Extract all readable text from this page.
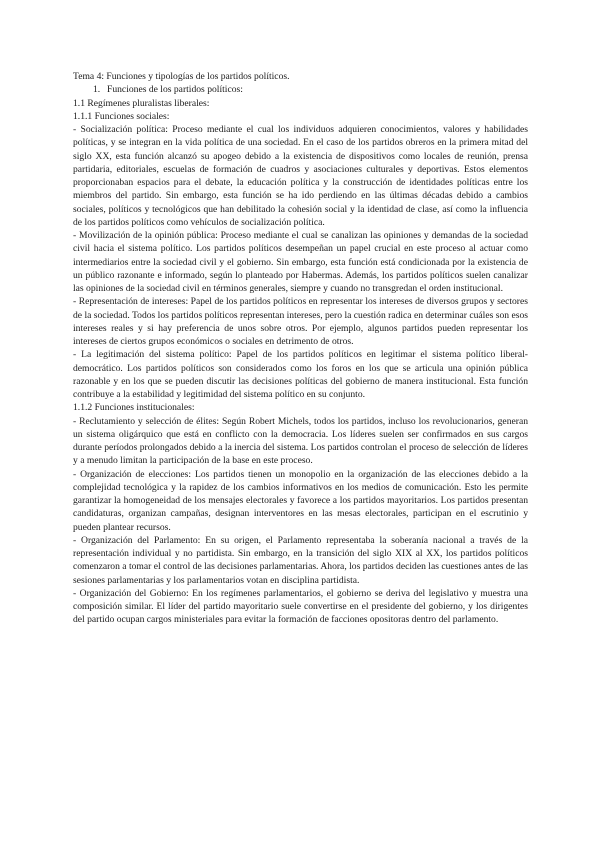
Tema 4: Funciones y tipologías de los partidos políticos.

1. Funciones de los partidos políticos:

1.1 Regímenes pluralistas liberales:

1.1.1 Funciones sociales:

- Socialización política: Proceso mediante el cual los individuos adquieren conocimientos, valores y habilidades políticas, y se integran en la vida política de una sociedad. En el caso de los partidos obreros en la primera mitad del siglo XX, esta función alcanzó su apogeo debido a la existencia de dispositivos como locales de reunión, prensa partidaria, editoriales, escuelas de formación de cuadros y asociaciones culturales y deportivas. Estos elementos proporcionaban espacios para el debate, la educación política y la construcción de identidades políticas entre los miembros del partido. Sin embargo, esta función se ha ido perdiendo en las últimas décadas debido a cambios sociales, políticos y tecnológicos que han debilitado la cohesión social y la identidad de clase, así como la influencia de los partidos políticos como vehículos de socialización política.

- Movilización de la opinión pública: Proceso mediante el cual se canalizan las opiniones y demandas de la sociedad civil hacia el sistema político. Los partidos políticos desempeñan un papel crucial en este proceso al actuar como intermediarios entre la sociedad civil y el gobierno. Sin embargo, esta función está condicionada por la existencia de un público razonante e informado, según lo planteado por Habermas. Además, los partidos políticos suelen canalizar las opiniones de la sociedad civil en términos generales, siempre y cuando no transgredan el orden institucional.

- Representación de intereses: Papel de los partidos políticos en representar los intereses de diversos grupos y sectores de la sociedad. Todos los partidos políticos representan intereses, pero la cuestión radica en determinar cuáles son esos intereses reales y si hay preferencia de unos sobre otros. Por ejemplo, algunos partidos pueden representar los intereses de ciertos grupos económicos o sociales en detrimento de otros.

- La legitimación del sistema político: Papel de los partidos políticos en legitimar el sistema político liberal-democrático. Los partidos políticos son considerados como los foros en los que se articula una opinión pública razonable y en los que se pueden discutir las decisiones políticas del gobierno de manera institucional. Esta función contribuye a la estabilidad y legitimidad del sistema político en su conjunto.

1.1.2 Funciones institucionales:

- Reclutamiento y selección de élites: Según Robert Michels, todos los partidos, incluso los revolucionarios, generan un sistema oligárquico que está en conflicto con la democracia. Los líderes suelen ser confirmados en sus cargos durante períodos prolongados debido a la inercia del sistema. Los partidos controlan el proceso de selección de líderes y a menudo limitan la participación de la base en este proceso.

- Organización de elecciones: Los partidos tienen un monopolio en la organización de las elecciones debido a la complejidad tecnológica y la rapidez de los cambios informativos en los medios de comunicación. Esto les permite garantizar la homogeneidad de los mensajes electorales y favorece a los partidos mayoritarios. Los partidos presentan candidaturas, organizan campañas, designan interventores en las mesas electorales, participan en el escrutinio y pueden plantear recursos.

- Organización del Parlamento: En su origen, el Parlamento representaba la soberanía nacional a través de la representación individual y no partidista. Sin embargo, en la transición del siglo XIX al XX, los partidos políticos comenzaron a tomar el control de las decisiones parlamentarias. Ahora, los partidos deciden las cuestiones antes de las sesiones parlamentarias y los parlamentarios votan en disciplina partidista.

- Organización del Gobierno: En los regímenes parlamentarios, el gobierno se deriva del legislativo y muestra una composición similar. El líder del partido mayoritario suele convertirse en el presidente del gobierno, y los dirigentes del partido ocupan cargos ministeriales para evitar la formación de facciones opositoras dentro del parlamento.
